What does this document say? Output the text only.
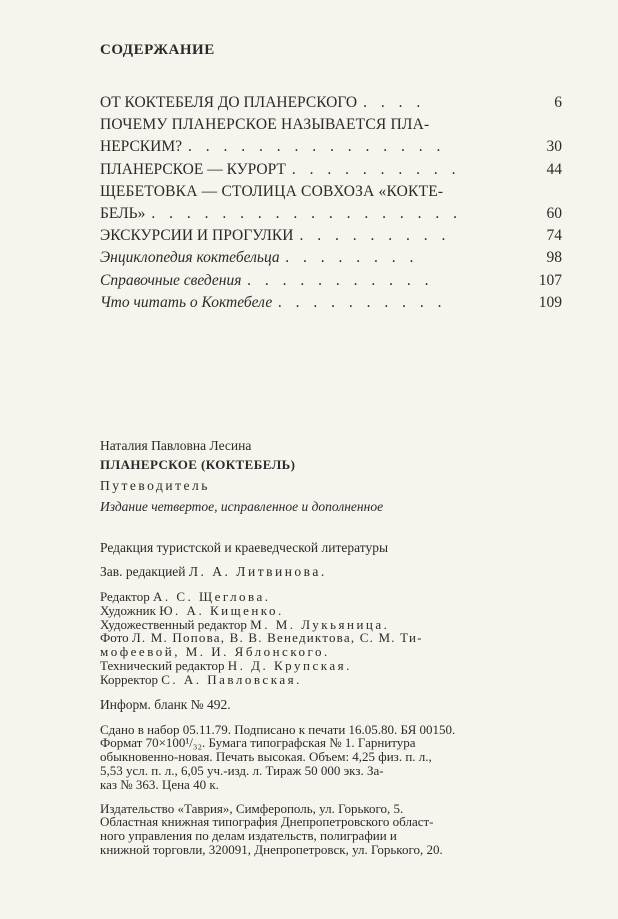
СОДЕРЖАНИЕ
ОТ КОКТЕБЕЛЯ ДО ПЛАНЕРСКОГО . . . .	6
ПОЧЕМУ ПЛАНЕРСКОЕ НАЗЫВАЕТСЯ ПЛА-
НЕРСКИМ? . . . . . . . . . . . . . . .	30
ПЛАНЕРСКОЕ — КУРОРТ . . . . . . . . . .	44
ЩЕБЕТОВКА — СТОЛИЦА СОВХОЗА «КОКТЕ-
БЕЛЬ» . . . . . . . . . . . . . . . . . .	60
ЭКСКУРСИИ И ПРОГУЛКИ . . . . . . . . .	74
Энциклопедия коктебельца . . . . . . . .	98
Справочные сведения . . . . . . . . . . .	107
Что читать о Коктебеле . . . . . . . . . .	109
Наталия Павловна Лесина
ПЛАНЕРСКОЕ (КОКТЕБЕЛЬ)
Путеводитель
Издание четвертое, исправленное и дополненное
Редакция туристской и краеведческой литературы
Зав. редакцией Л. А. Литвинова.
Редактор А. С. Щеглова.
Художник Ю. А. Кищенко.
Художественный редактор М. М. Лукьяница.
Фото Л. М. Попова, В. В. Венедиктова, С. М. Ти-
мофеевой, М. И. Яблонского.
Технический редактор Н. Д. Крупская.
Корректор С. А. Павловская.
Информ. бланк № 492.
Сдано в набор 05.11.79. Подписано к печати 16.05.80. БЯ 00150.
Формат 70×100¹/₃₂. Бумага типографская № 1. Гарнитура
обыкновенно-новая. Печать высокая. Объем: 4,25 физ. п. л.,
5,53 усл. п. л., 6,05 уч.-изд. л. Тираж 50 000 экз. За-
каз № 363. Цена 40 к.
Издательство «Таврия», Симферополь, ул. Горького, 5.
Областная книжная типография Днепропетровского област-
ного управления по делам издательств, полиграфии и
книжной торговли, 320091, Днепропетровск, ул. Горького, 20.
